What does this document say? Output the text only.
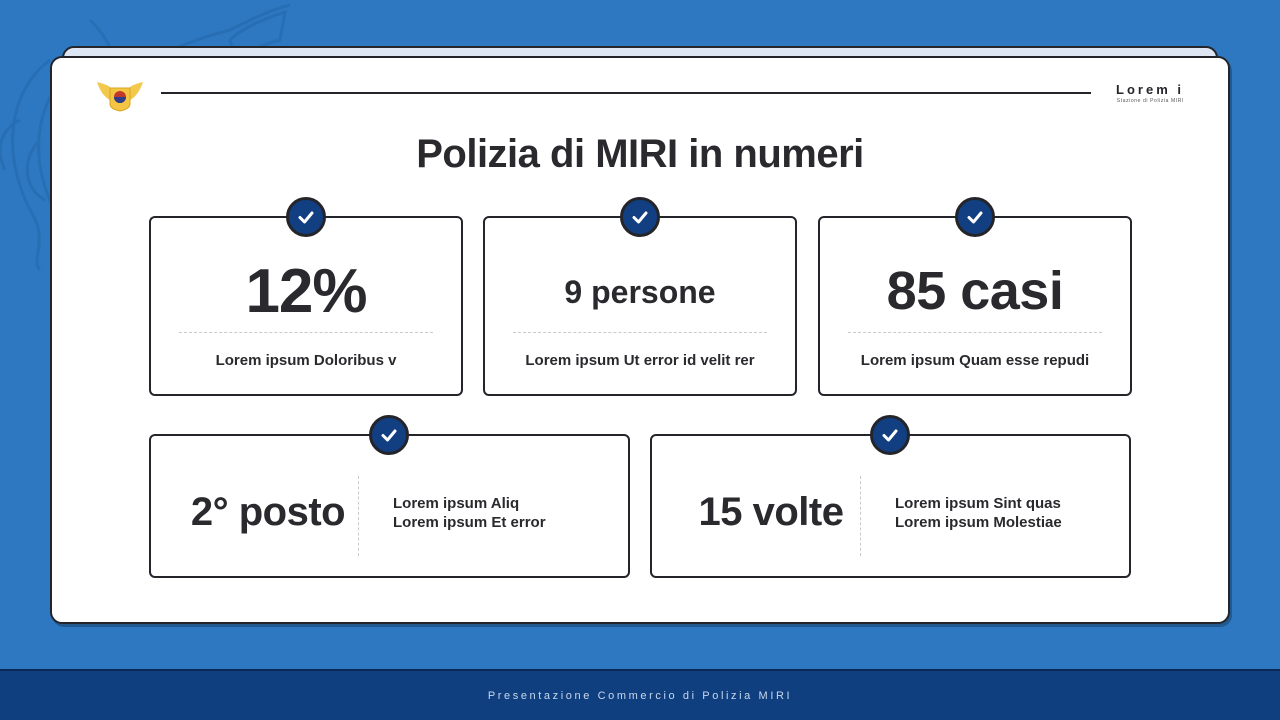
Lorem i
Stazione di Polizia MIRI
Polizia di MIRI in numeri
12%
Lorem ipsum Doloribus v
9 persone
Lorem ipsum Ut error id velit rer
85 casi
Lorem ipsum Quam esse repudi
2° posto	Lorem ipsum Aliq
Lorem ipsum Et error	15 volte	Lorem ipsum Sint quas
Lorem ipsum Molestiae
Presentazione Commercio di Polizia MIRI
